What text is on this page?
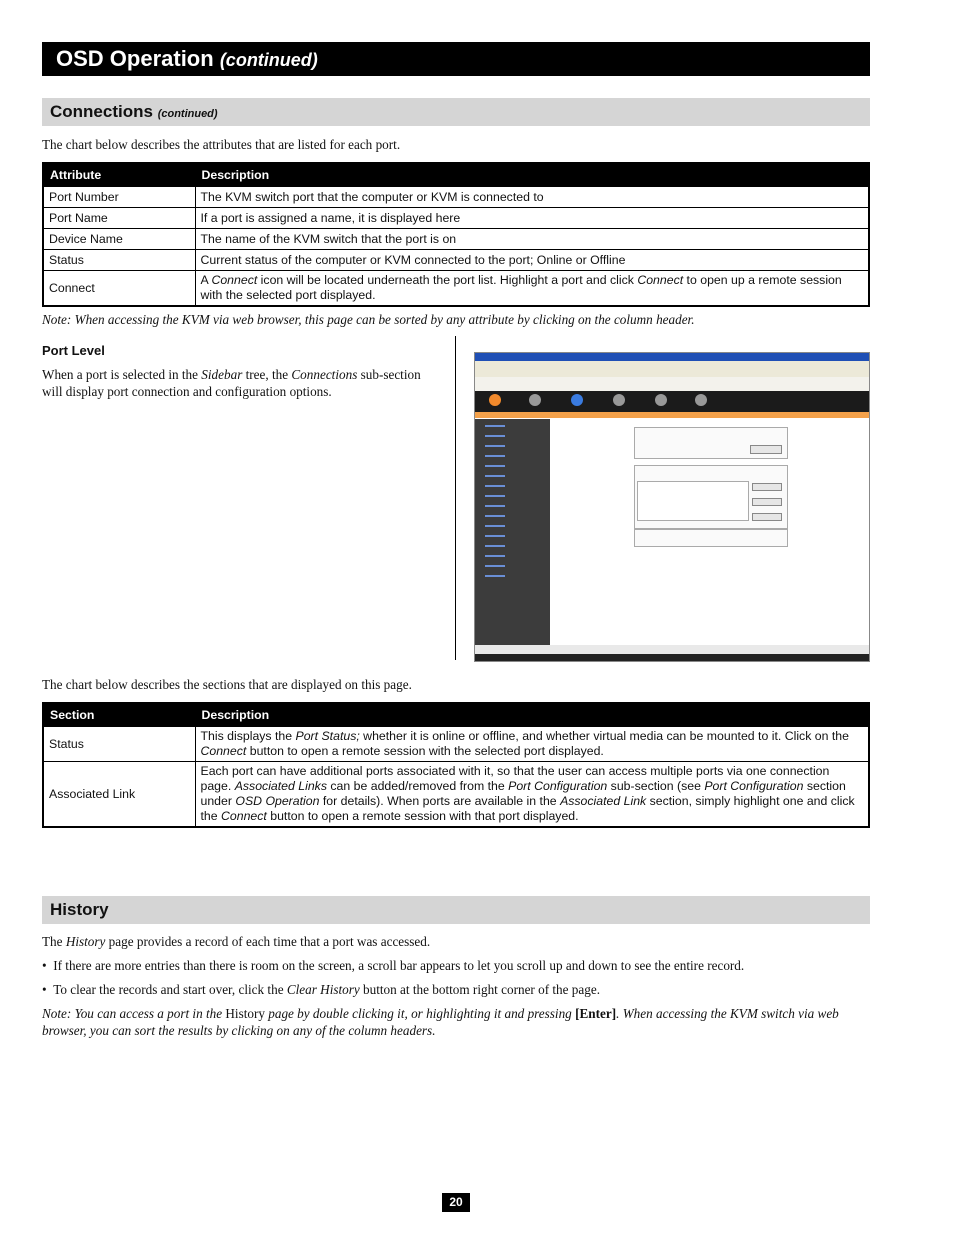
OSD Operation (continued)
Connections (continued)

The chart below describes the attributes that are listed for each port.

Attribute	Description
Port Number	The KVM switch port that the computer or KVM is connected to
Port Name	If a port is assigned a name, it is displayed here
Device Name	The name of the KVM switch that the port is on
Status	Current status of the computer or KVM connected to the port; Online or Offline
Connect	A Connect icon will be located underneath the port list. Highlight a port and click Connect to open up a remote session with the selected port displayed.

Note: When accessing the KVM via web browser, this page can be sorted by any attribute by clicking on the column header.

Port Level

When a port is selected in the Sidebar tree, the Connections sub-section will display port connection and configuration options.

The chart below describes the sections that are displayed on this page.

Section	Description
Status	This displays the Port Status; whether it is online or offline, and whether virtual media can be mounted to it. Click on the Connect button to open a remote session with the selected port displayed.
Associated Link	Each port can have additional ports associated with it, so that the user can access multiple ports via one connection page. Associated Links can be added/removed from the Port Configuration sub-section (see Port Configuration section under OSD Operation for details). When ports are available in the Associated Link section, simply highlight one and click the Connect button to open a remote session with that port displayed.
History

The History page provides a record of each time that a port was accessed.

•  If there are more entries than there is room on the screen, a scroll bar appears to let you scroll up and down to see the entire record.

•  To clear the records and start over, click the Clear History button at the bottom right corner of the page.

Note: You can access a port in the History page by double clicking it, or highlighting it and pressing [Enter]. When accessing the KVM switch via web browser, you can sort the results by clicking on any of the column headers.

20
